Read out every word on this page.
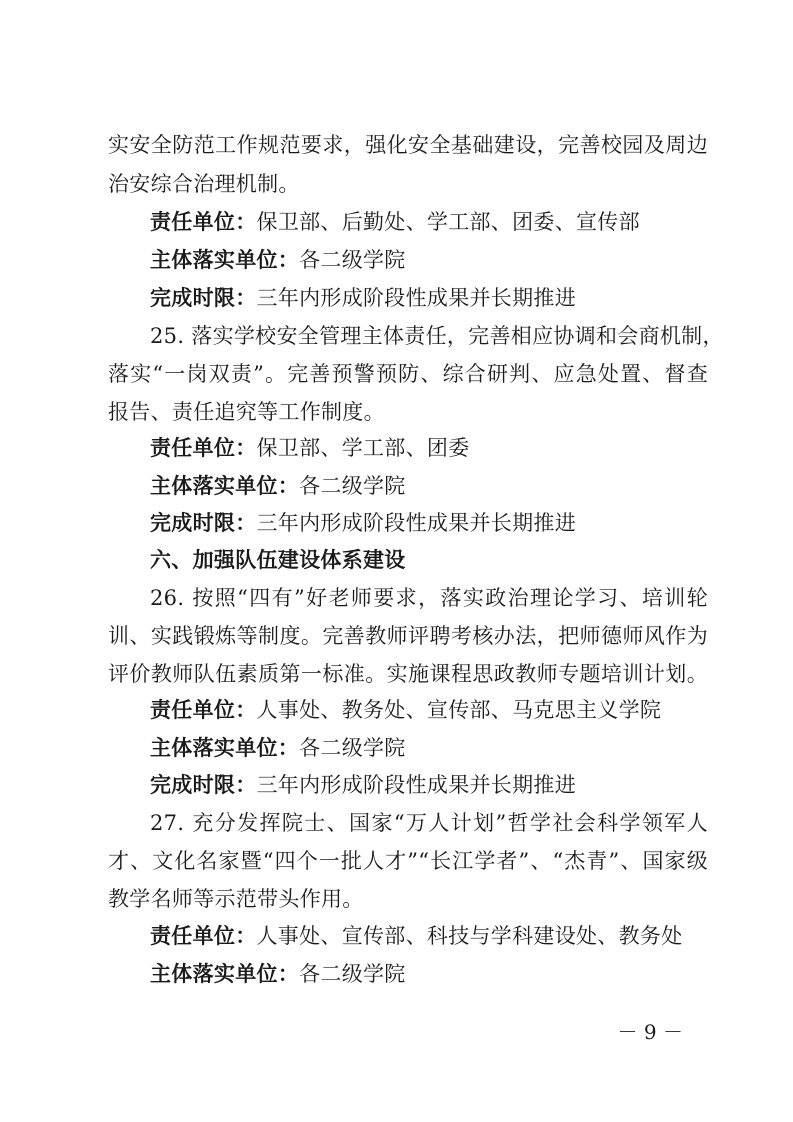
实安全防范工作规范要求，强化安全基础建设，完善校园及周边
治安综合治理机制。
责任单位：保卫部、后勤处、学工部、团委、宣传部
主体落实单位：各二级学院
完成时限：三年内形成阶段性成果并长期推进
25. 落实学校安全管理主体责任，完善相应协调和会商机制，
落实“一岗双责”。完善预警预防、综合研判、应急处置、督查
报告、责任追究等工作制度。
责任单位：保卫部、学工部、团委
主体落实单位：各二级学院
完成时限：三年内形成阶段性成果并长期推进
六、加强队伍建设体系建设
26. 按照“四有”好老师要求，落实政治理论学习、培训轮
训、实践锻炼等制度。完善教师评聘考核办法，把师德师风作为
评价教师队伍素质第一标准。实施课程思政教师专题培训计划。
责任单位：人事处、教务处、宣传部、马克思主义学院
主体落实单位：各二级学院
完成时限：三年内形成阶段性成果并长期推进
27. 充分发挥院士、国家“万人计划”哲学社会科学领军人
才、文化名家暨“四个一批人才”“长江学者”、“杰青”、国家级
教学名师等示范带头作用。
责任单位：人事处、宣传部、科技与学科建设处、教务处
主体落实单位：各二级学院
－ 9 －
